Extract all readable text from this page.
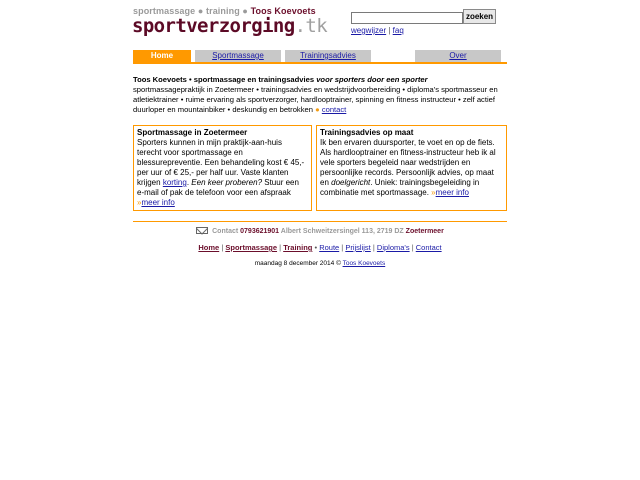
sportmassage ● training ● Toos Koevoets
sportverzorging.tk	zoeken
wegwijzer | faq
Home	Sportmassage	Trainingsadvies	Over
Toos Koevoets • sportmassage en trainingsadvies voor sporters door een sporter
sportmassagepraktijk in Zoetermeer • trainingsadvies en wedstrijdvoorbereiding • diploma's sportmasseur en atletiektrainer • ruime ervaring als sportverzorger, hardlooptrainer, spinning en fitness instructeur • zelf actief duurloper en mountainbiker • deskundig en betrokken ● contact
Sportmassage in Zoetermeer
Sporters kunnen in mijn praktijk-aan-huis terecht voor sportmassage en blessurepreventie. Een behandeling kost € 45,- per uur of € 25,- per half uur. Vaste klanten krijgen korting. Een keer proberen? Stuur een e-mail of pak de telefoon voor een afspraak »meer info
Trainingsadvies op maat
Ik ben ervaren duursporter, te voet en op de fiets. Als hardlooptrainer en fitness-instructeur heb ik al vele sporters begeleid naar wedstrijden en persoonlijke records. Persoonlijk advies, op maat en doelgericht. Uniek: trainingsbegeleiding in combinatie met sportmassage. »meer info
Contact 0793621901 Albert Schweitzersingel 113, 2719 DZ Zoetermeer
Home | Sportmassage | Training • Route | Prijslijst | Diploma's | Contact
maandag 8 december 2014 © Toos Koevoets
